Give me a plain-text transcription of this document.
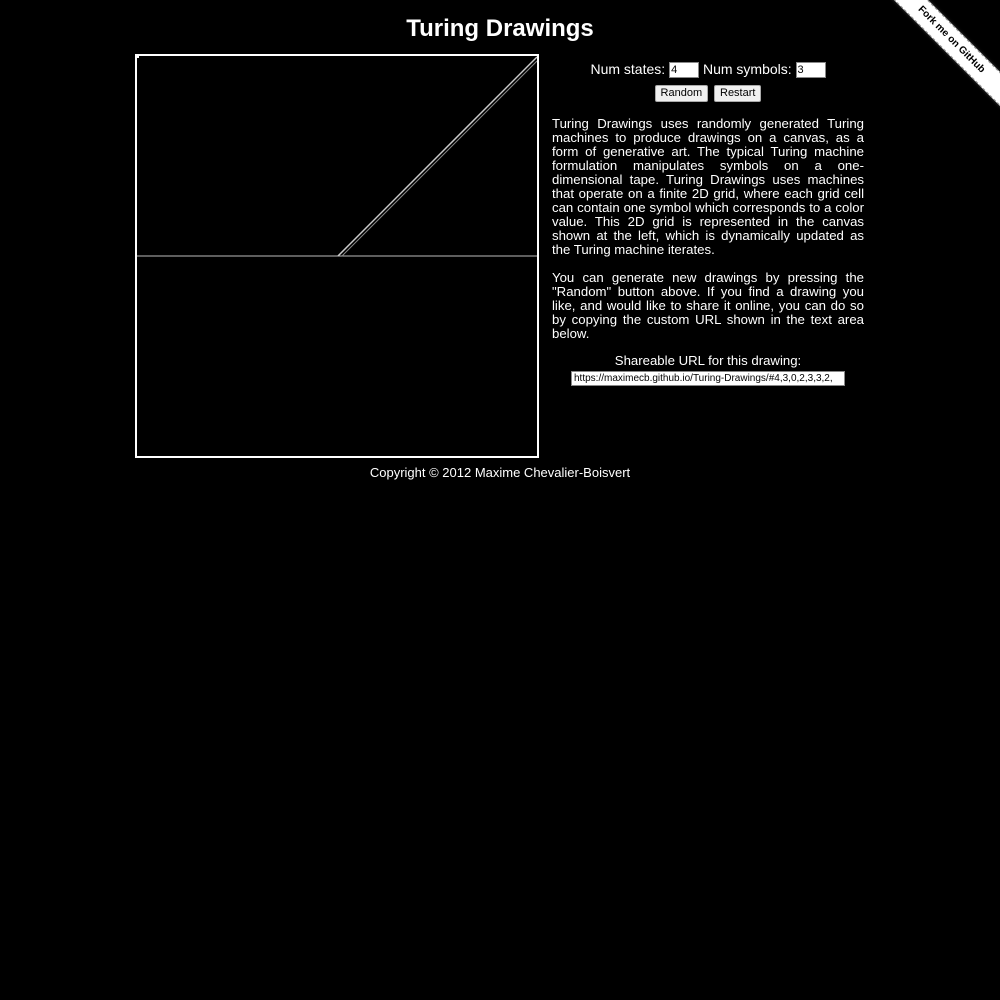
Turing Drawings	Fork me on GitHub
Num states: 4	Num symbols: 3
Random Restart

Turing Drawings uses randomly generated Turing machines to produce drawings on a canvas, as a form of generative art. The typical Turing machine formulation manipulates symbols on a one-dimensional tape. Turing Drawings uses machines that operate on a finite 2D grid, where each grid cell can contain one symbol which corresponds to a color value. This 2D grid is represented in the canvas shown at the left, which is dynamically updated as the Turing machine iterates.

You can generate new drawings by pressing the "Random" button above. If you find a drawing you like, and would like to share it online, you can do so by copying the custom URL shown in the text area below.

Shareable URL for this drawing:
https://maximecb.github.io/Turing-Drawings/#4,3,0,2,3,3,2,
Copyright © 2012 Maxime Chevalier-Boisvert
